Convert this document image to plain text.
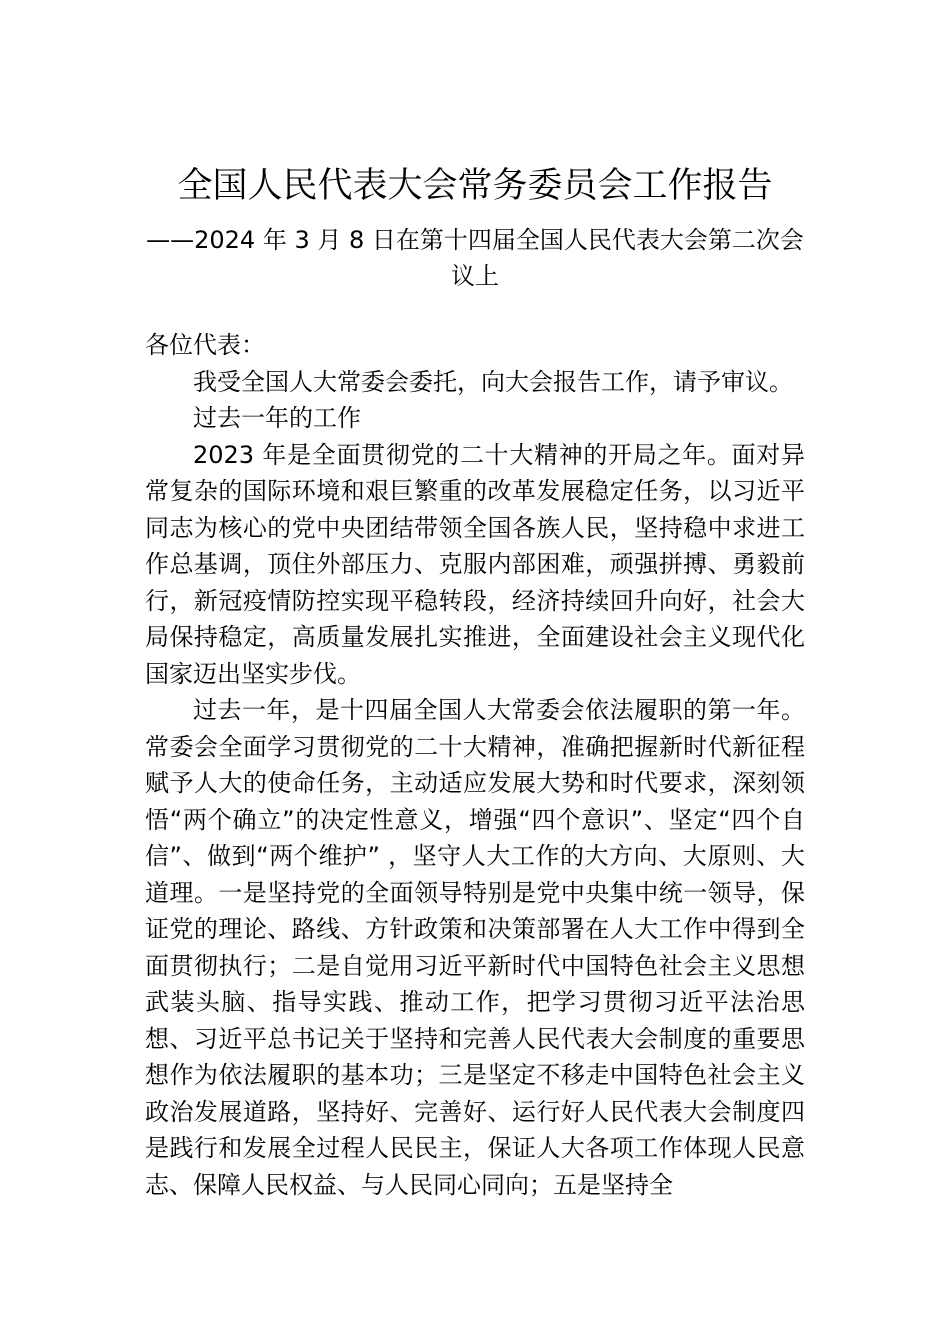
全国人民代表大会常务委员会工作报告
——2024 年 3 月 8 日在第十四届全国人民代表大会第二次会议上

各位代表：

我受全国人大常委会委托，向大会报告工作，请予审议。

过去一年的工作

2023 年是全面贯彻党的二十大精神的开局之年。面对异常复杂的国际环境和艰巨繁重的改革发展稳定任务，以习近平同志为核心的党中央团结带领全国各族人民，坚持稳中求进工作总基调，顶住外部压力、克服内部困难，顽强拼搏、勇毅前行，新冠疫情防控实现平稳转段，经济持续回升向好，社会大局保持稳定，高质量发展扎实推进，全面建设社会主义现代化国家迈出坚实步伐。

过去一年，是十四届全国人大常委会依法履职的第一年。常委会全面学习贯彻党的二十大精神，准确把握新时代新征程赋予人大的使命任务，主动适应发展大势和时代要求，深刻领悟“两个确立”的决定性意义，增强“四个意识”、坚定“四个自信”、做到“两个维护” ，坚守人大工作的大方向、大原则、大道理。一是坚持党的全面领导特别是党中央集中统一领导，保证党的理论、路线、方针政策和决策部署在人大工作中得到全面贯彻执行；二是自觉用习近平新时代中国特色社会主义思想武装头脑、指导实践、推动工作，把学习贯彻习近平法治思想、习近平总书记关于坚持和完善人民代表大会制度的重要思想作为依法履职的基本功；三是坚定不移走中国特色社会主义政治发展道路，坚持好、完善好、运行好人民代表大会制度四是践行和发展全过程人民民主，保证人大各项工作体现人民意志、保障人民权益、与人民同心同向；五是坚持全
